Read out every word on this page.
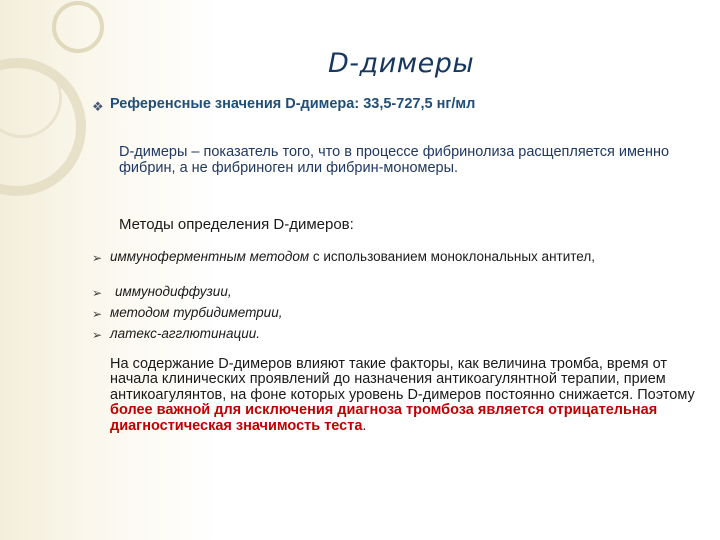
D-димеры
❖ Референсные значения D-димера: 33,5-727,5 нг/мл
D-димеры – показатель того, что в процессе фибринолиза расщепляется именно фибрин, а не фибриноген или фибрин-мономеры.
Методы определения D-димеров:
➢ иммуноферментным методом с использованием моноклональных антител,
➢ иммунодиффузии,
➢ методом турбидиметрии,
➢ латекс-агглютинации.
На содержание D-димеров влияют такие факторы, как величина тромба, время от начала клинических проявлений до назначения антикоагулянтной терапии, прием антикоагулянтов, на фоне которых уровень D-димеров постоянно снижается. Поэтому более важной для исключения диагноза тромбоза является отрицательная диагностическая значимость теста.
